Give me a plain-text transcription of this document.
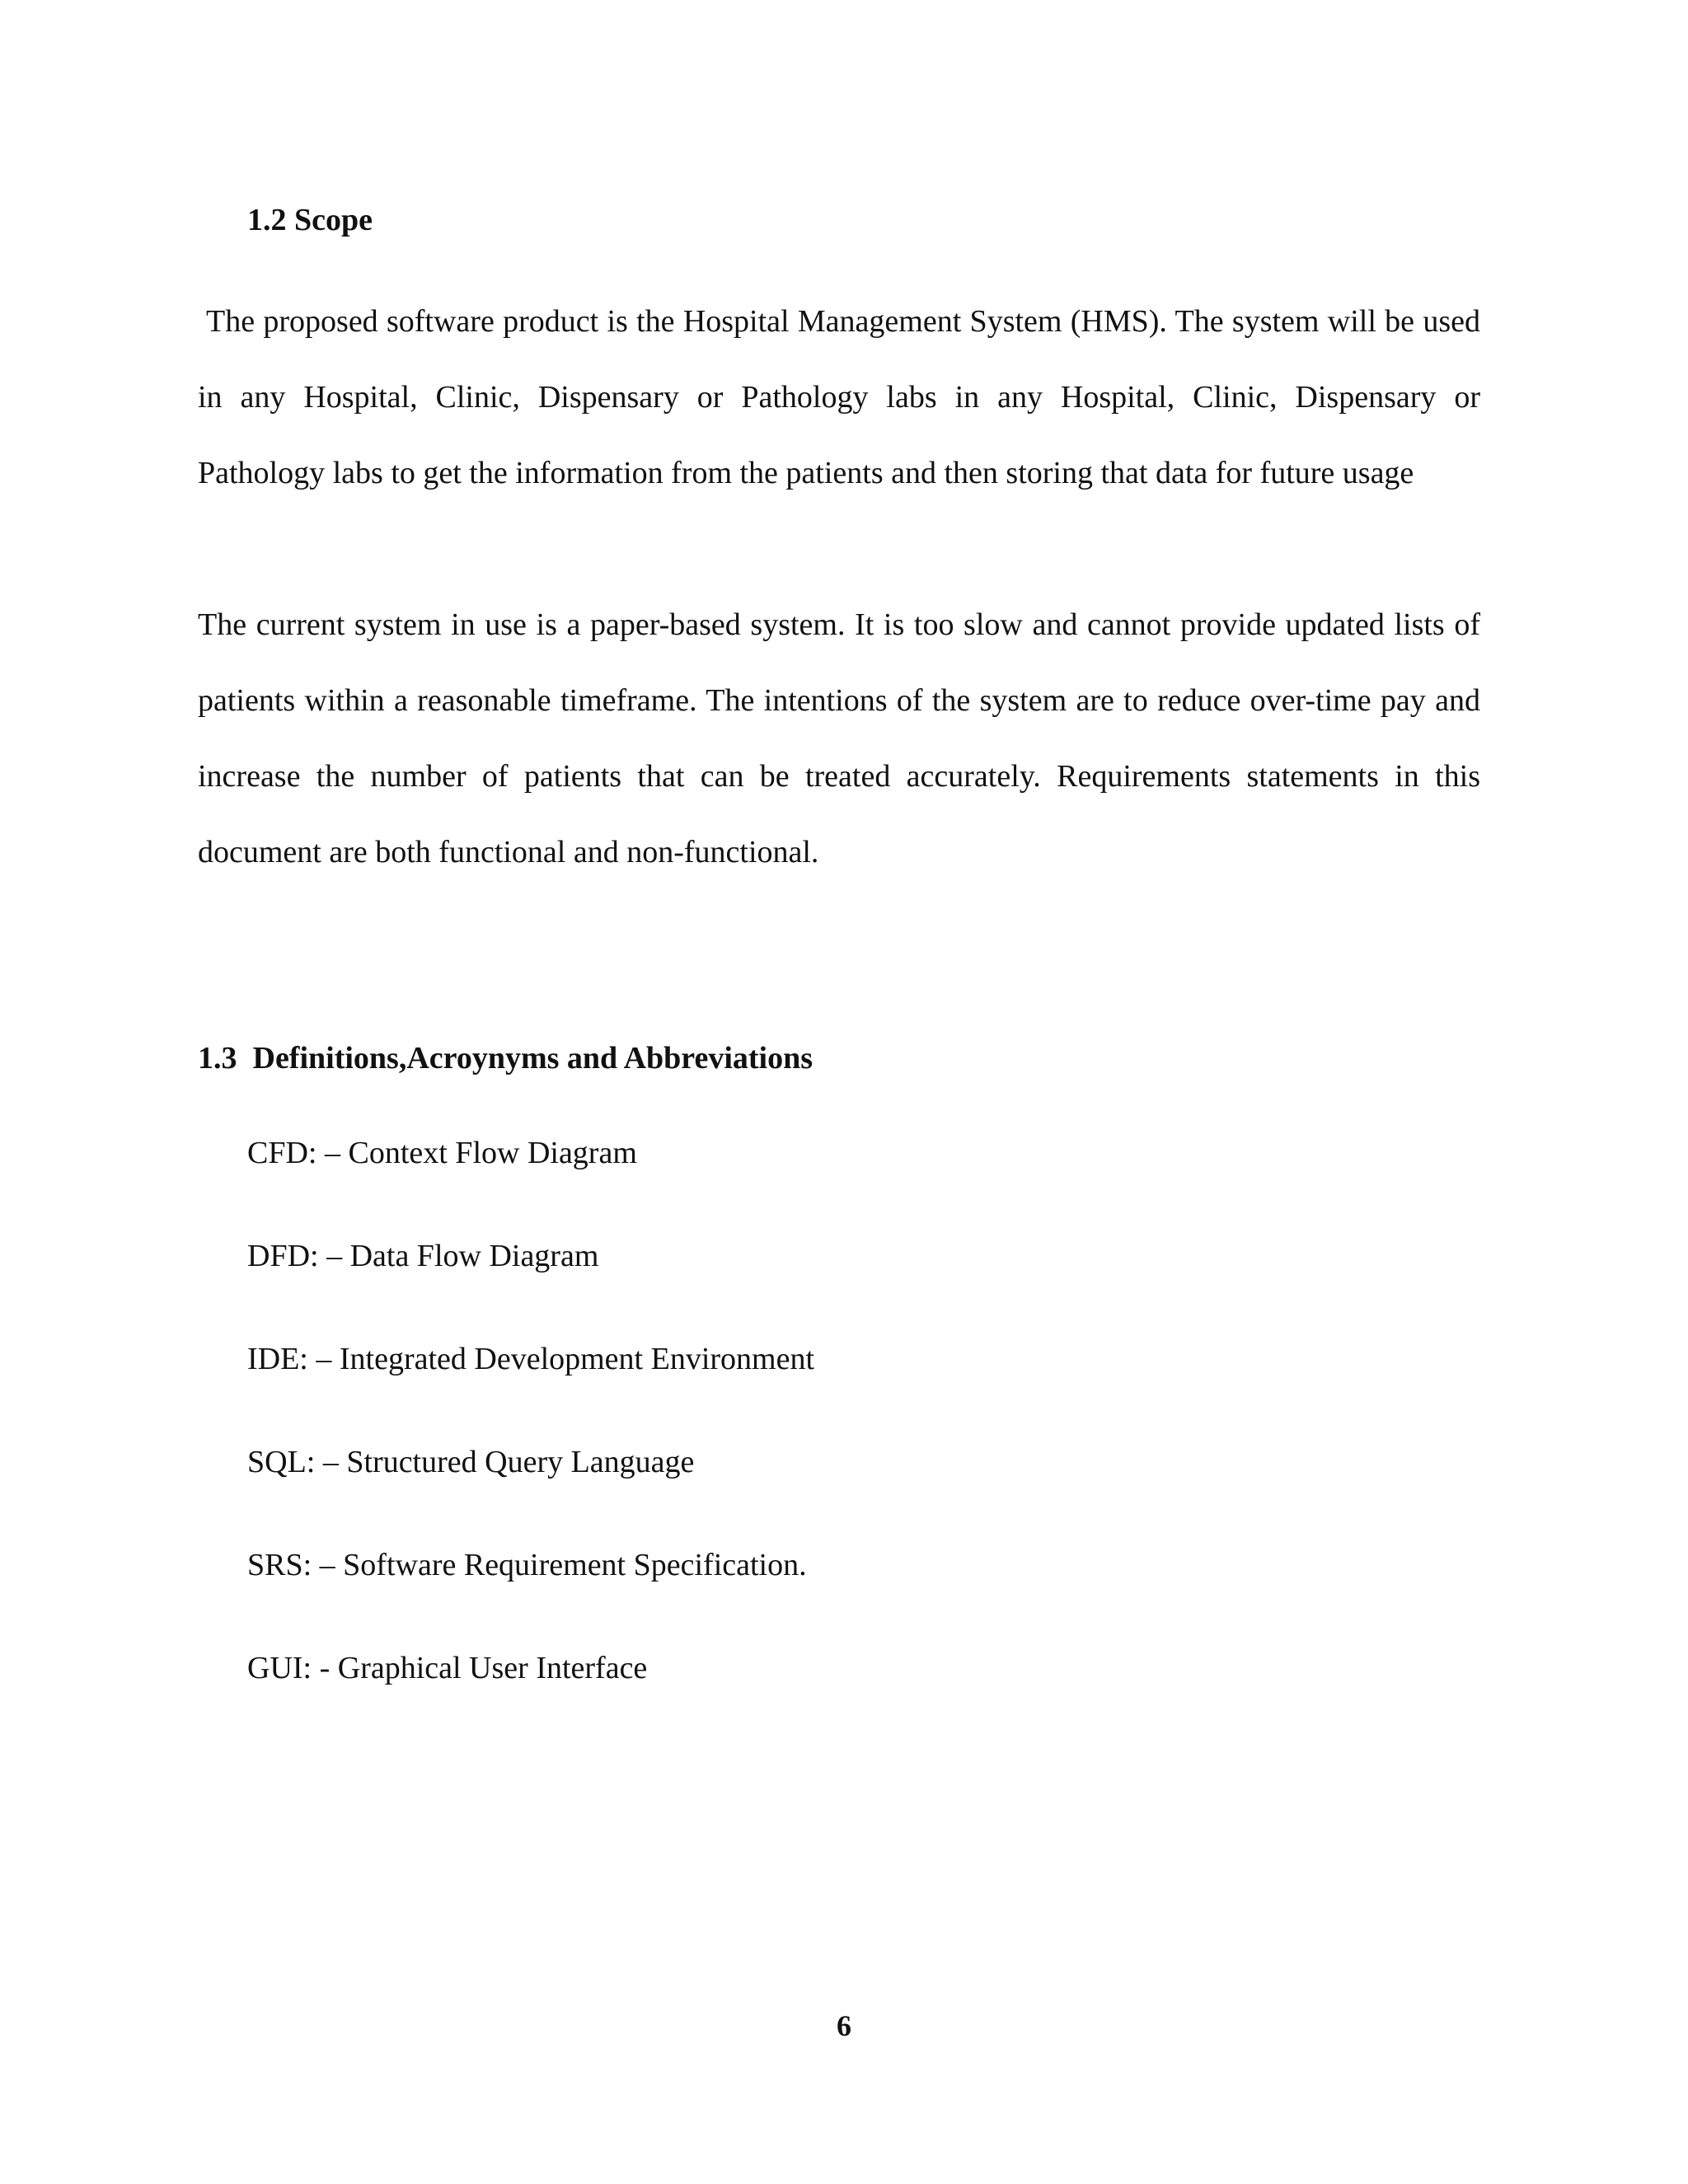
1.2 Scope

The proposed software product is the Hospital Management System (HMS). The system will be used in any Hospital, Clinic, Dispensary or Pathology labs in any Hospital, Clinic, Dispensary or Pathology labs to get the information from the patients and then storing that data for future usage

The current system in use is a paper-based system. It is too slow and cannot provide updated lists of patients within a reasonable timeframe. The intentions of the system are to reduce over-time pay and increase the number of patients that can be treated accurately. Requirements statements in this document are both functional and non-functional.

1.3  Definitions,Acroynyms and Abbreviations
CFD: – Context Flow Diagram
DFD: – Data Flow Diagram
IDE: – Integrated Development Environment
SQL: – Structured Query Language
SRS: – Software Requirement Specification.
GUI: - Graphical User Interface
6
